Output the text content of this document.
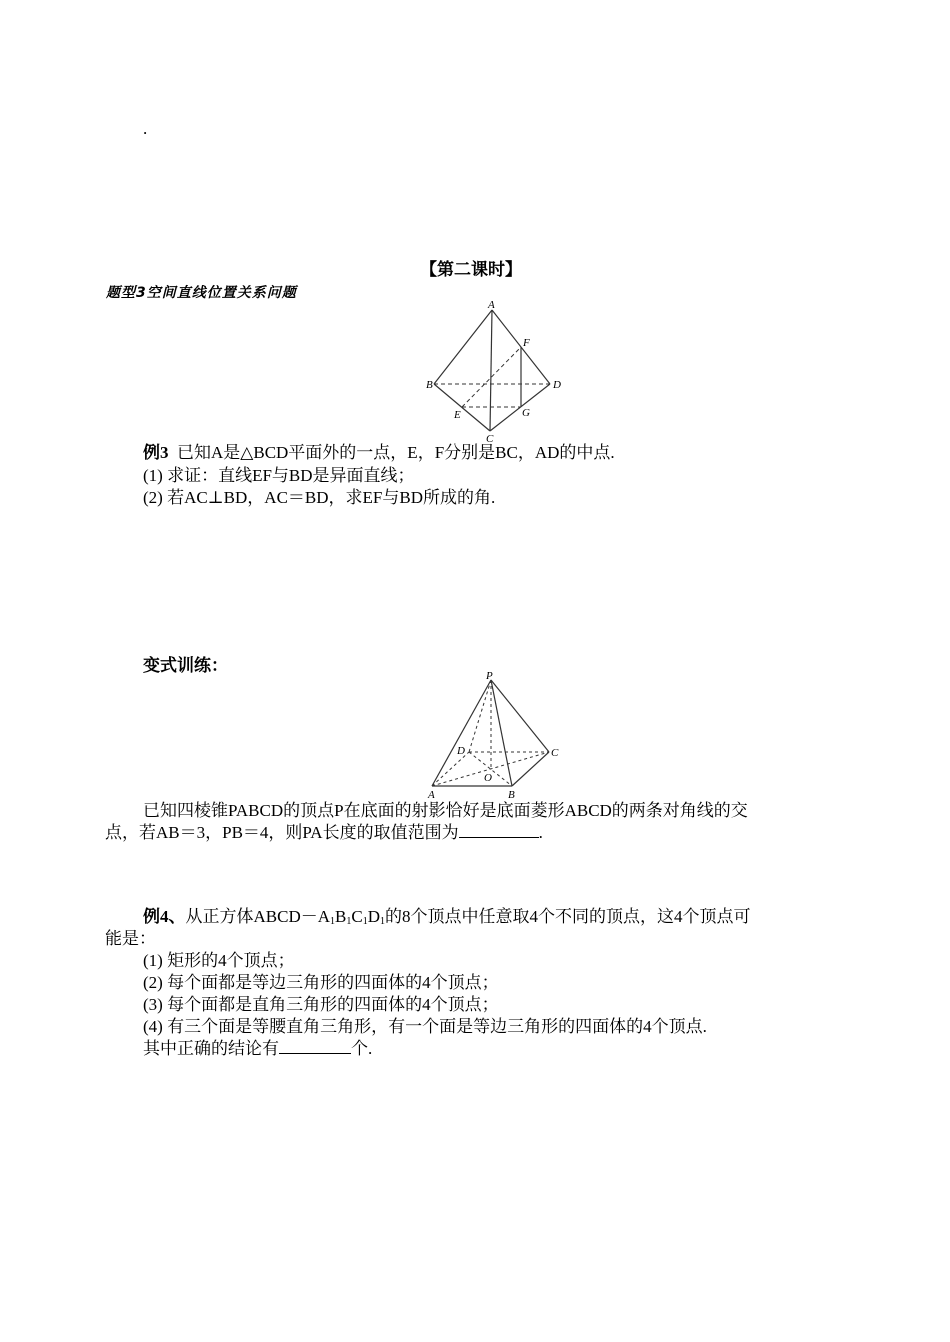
.
【第二课时】
题型3空间直线位置关系问题
A
B
C
D
E
F
G
例3 已知A是△BCD平面外的一点，E，F分别是BC，AD的中点.
(1) 求证：直线EF与BD是异面直线；
(2) 若AC⊥BD，AC＝BD，求EF与BD所成的角.
变式训练：
P
A	B
C
D
O
已知四棱锥PABCD的顶点P在底面的射影恰好是底面菱形ABCD的两条对角线的交
点，若AB＝3，PB＝4，则PA长度的取值范围为	.
例4、从正方体$ABCD-A_1B_1C_1D_1$的8个顶点中任意取4个不同的顶点，这4个顶点可
能是：
(1) 矩形的4个顶点；
(2) 每个面都是等边三角形的四面体的4个顶点；
(3) 每个面都是直角三角形的四面体的4个顶点；
(4) 有三个面是等腰直角三角形，有一个面是等边三角形的四面体的4个顶点.
其中正确的结论有	个.
